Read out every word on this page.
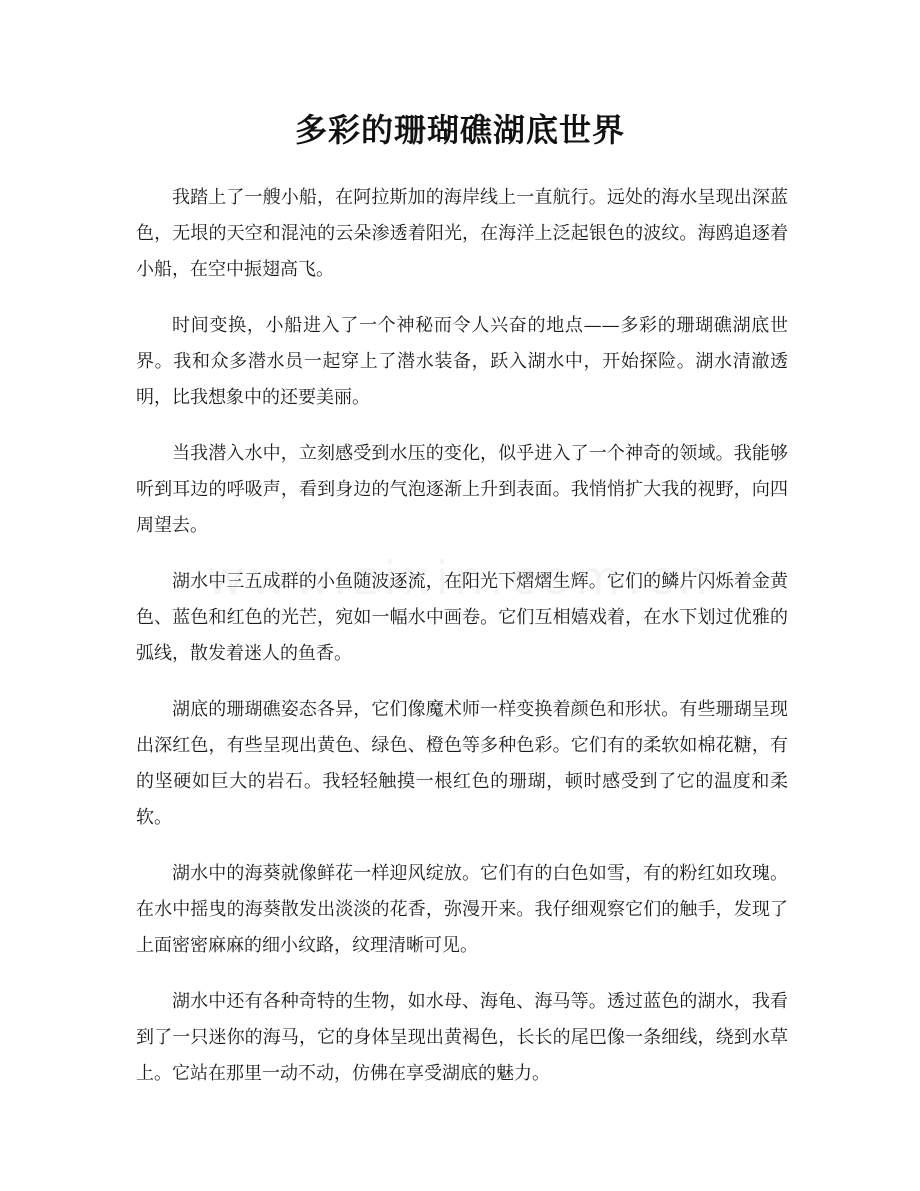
多彩的珊瑚礁湖底世界

我踏上了一艘小船，在阿拉斯加的海岸线上一直航行。远处的海水呈现出深蓝色，无垠的天空和混沌的云朵渗透着阳光，在海洋上泛起银色的波纹。海鸥追逐着小船，在空中振翅高飞。

时间变换，小船进入了一个神秘而令人兴奋的地点——多彩的珊瑚礁湖底世界。我和众多潜水员一起穿上了潜水装备，跃入湖水中，开始探险。湖水清澈透明，比我想象中的还要美丽。

当我潜入水中，立刻感受到水压的变化，似乎进入了一个神奇的领域。我能够听到耳边的呼吸声，看到身边的气泡逐渐上升到表面。我悄悄扩大我的视野，向四周望去。

湖水中三五成群的小鱼随波逐流，在阳光下熠熠生辉。它们的鳞片闪烁着金黄色、蓝色和红色的光芒，宛如一幅水中画卷。它们互相嬉戏着，在水下划过优雅的弧线，散发着迷人的鱼香。

湖底的珊瑚礁姿态各异，它们像魔术师一样变换着颜色和形状。有些珊瑚呈现出深红色，有些呈现出黄色、绿色、橙色等多种色彩。它们有的柔软如棉花糖，有的坚硬如巨大的岩石。我轻轻触摸一根红色的珊瑚，顿时感受到了它的温度和柔软。

湖水中的海葵就像鲜花一样迎风绽放。它们有的白色如雪，有的粉红如玫瑰。在水中摇曳的海葵散发出淡淡的花香，弥漫开来。我仔细观察它们的触手，发现了上面密密麻麻的细小纹路，纹理清晰可见。

湖水中还有各种奇特的生物，如水母、海龟、海马等。透过蓝色的湖水，我看到了一只迷你的海马，它的身体呈现出黄褐色，长长的尾巴像一条细线，绕到水草上。它站在那里一动不动，仿佛在享受湖底的魅力。
